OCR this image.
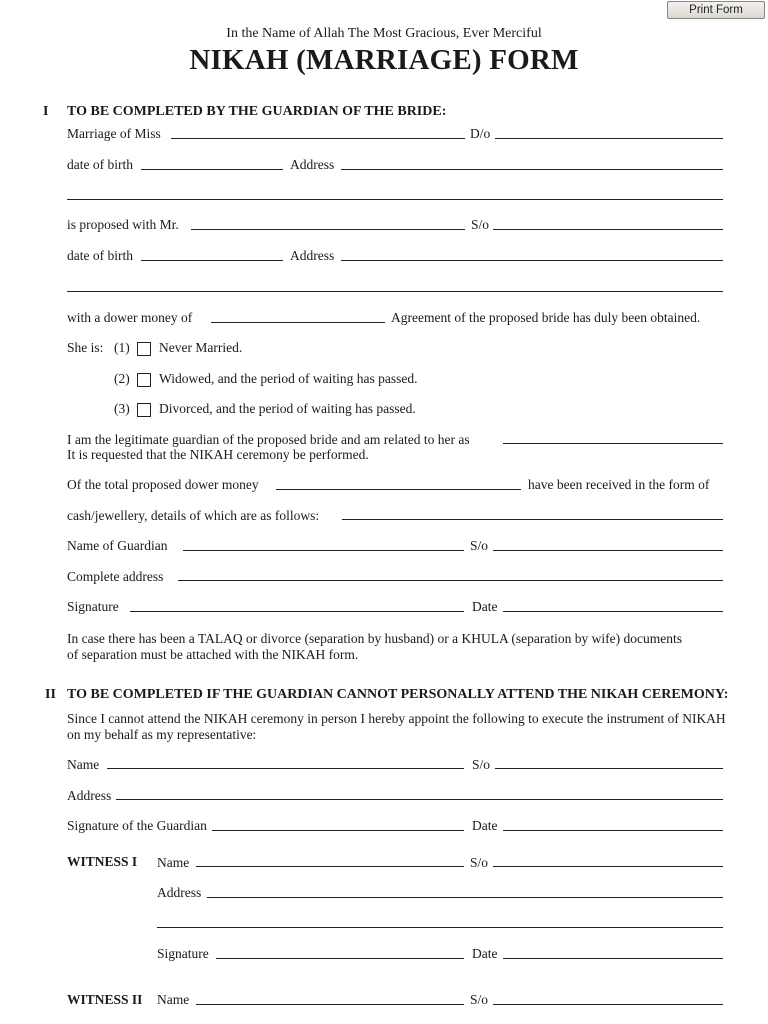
Print Form
In the Name of Allah The Most Gracious, Ever Merciful
NIKAH (MARRIAGE) FORM
I TO BE COMPLETED BY THE GUARDIAN OF THE BRIDE:
Marriage of Miss	D/o
date of birth	Address
is proposed with Mr.	S/o
date of birth	Address
with a dower money of	Agreement of the proposed bride has duly been obtained.
She is: (1) Never Married.
(2) Widowed, and the period of waiting has passed.
(3) Divorced, and the period of waiting has passed.
I am the legitimate guardian of the proposed bride and am related to her as
It is requested that the NIKAH ceremony be performed.
Of the total proposed dower money	have been received in the form of
cash/jewellery, details of which are as follows:
Name of Guardian	S/o
Complete address
Signature	Date
In case there has been a TALAQ or divorce (separation by husband) or a KHULA (separation by wife) documents
of separation must be attached with the NIKAH form.
II TO BE COMPLETED IF THE GUARDIAN CANNOT PERSONALLY ATTEND THE NIKAH CEREMONY:
Since I cannot attend the NIKAH ceremony in person I hereby appoint the following to execute the instrument of NIKAH
on my behalf as my representative:
Name	S/o
Address
Signature of the Guardian	Date
WITNESS I Name	S/o
Address
Signature	Date
WITNESS II Name	S/o
